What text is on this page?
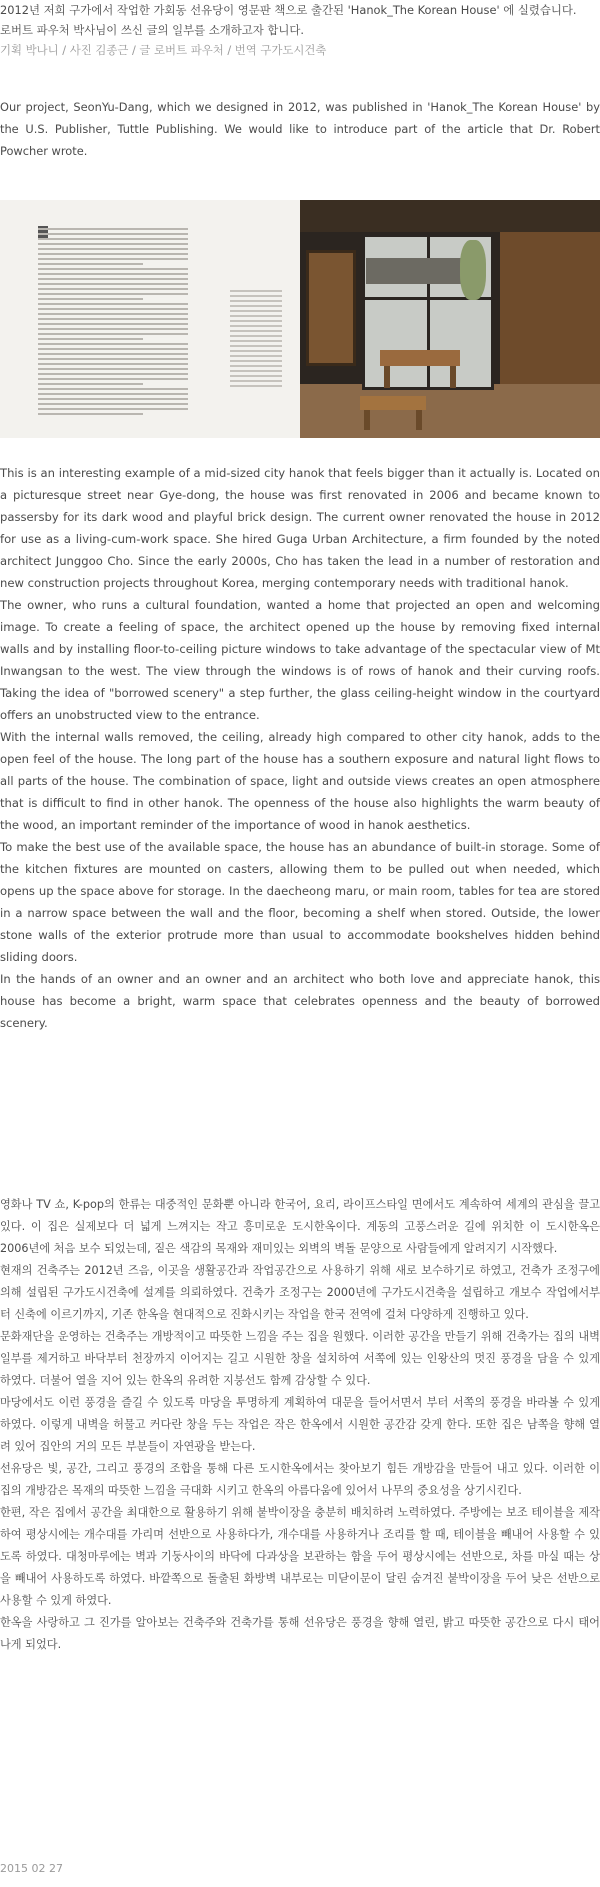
2012년 저희 구가에서 작업한 가회동 선유당이 영문판 책으로 출간된 'Hanok_The Korean House' 에 실렸습니다.
로버트 파우처 박사님이 쓰신 글의 일부를 소개하고자 합니다.
기획 박나니 / 사진 김종근 / 글 로버트 파우처 / 번역 구가도시건축
Our project, SeonYu-Dang, which we designed in 2012, was published in 'Hanok_The Korean House' by the U.S. Publisher, Tuttle Publishing. We would like to introduce part of the article that Dr. Robert Powcher wrote.

This is an interesting example of a mid-sized city hanok that feels bigger than it actually is. Located on a picturesque street near Gye-dong, the house was first renovated in 2006 and became known to passersby for its dark wood and playful brick design. The current owner renovated the house in 2012 for use as a living-cum-work space. She hired Guga Urban Architecture, a firm founded by the noted architect Junggoo Cho. Since the early 2000s, Cho has taken the lead in a number of restoration and new construction projects throughout Korea, merging contemporary needs with traditional hanok.

The owner, who runs a cultural foundation, wanted a home that projected an open and welcoming image. To create a feeling of space, the architect opened up the house by removing fixed internal walls and by installing floor-to-ceiling picture windows to take advantage of the spectacular view of Mt Inwangsan to the west. The view through the windows is of rows of hanok and their curving roofs. Taking the idea of "borrowed scenery" a step further, the glass ceiling-height window in the courtyard offers an unobstructed view to the entrance.

With the internal walls removed, the ceiling, already high compared to other city hanok, adds to the open feel of the house. The long part of the house has a southern exposure and natural light flows to all parts of the house. The combination of space, light and outside views creates an open atmosphere that is difficult to find in other hanok. The openness of the house also highlights the warm beauty of the wood, an important reminder of the importance of wood in hanok aesthetics.

To make the best use of the available space, the house has an abundance of built-in storage. Some of the kitchen fixtures are mounted on casters, allowing them to be pulled out when needed, which opens up the space above for storage. In the daecheong maru, or main room, tables for tea are stored in a narrow space between the wall and the floor, becoming a shelf when stored. Outside, the lower stone walls of the exterior protrude more than usual to accommodate bookshelves hidden behind sliding doors.

In the hands of an owner and an owner and an architect who both love and appreciate hanok, this house has become a bright, warm space that celebrates openness and the beauty of borrowed scenery.

영화나 TV 쇼, K-pop의 한류는 대중적인 문화뿐 아니라 한국어, 요리, 라이프스타일 면에서도 계속하여 세계의 관심을 끌고 있다. 이 집은 실제보다 더 넓게 느껴지는 작고 흥미로운 도시한옥이다. 계동의 고풍스러운 길에 위치한 이 도시한옥은 2006년에 처음 보수 되었는데, 짙은 색감의 목재와 재미있는 외벽의 벽돌 문양으로 사람들에게 알려지기 시작했다.

현재의 건축주는 2012년 즈음, 이곳을 생활공간과 작업공간으로 사용하기 위해 새로 보수하기로 하였고, 건축가 조정구에 의해 설립된 구가도시건축에 설계를 의뢰하였다. 건축가 조정구는 2000년에 구가도시건축을 설립하고 개보수 작업에서부터 신축에 이르기까지, 기존 한옥을 현대적으로 진화시키는 작업을 한국 전역에 걸쳐 다양하게 진행하고 있다.

문화재단을 운영하는 건축주는 개방적이고 따뜻한 느낌을 주는 집을 원했다. 이러한 공간을 만들기 위해 건축가는 집의 내벽 일부를 제거하고 바닥부터 천장까지 이어지는 길고 시원한 창을 설치하여 서쪽에 있는 인왕산의 멋진 풍경을 담을 수 있게 하였다. 더불어 열을 지어 있는 한옥의 유려한 지붕선도 함께 감상할 수 있다.

마당에서도 이런 풍경을 즐길 수 있도록 마당을 투명하게 계획하여 대문을 들어서면서 부터 서쪽의 풍경을 바라볼 수 있게 하였다. 이렇게 내벽을 허물고 커다란 창을 두는 작업은 작은 한옥에서 시원한 공간감 갖게 한다. 또한 집은 남쪽을 향해 열려 있어 집안의 거의 모든 부분들이 자연광을 받는다.

선유당은 빛, 공간, 그리고 풍경의 조합을 통해 다른 도시한옥에서는 찾아보기 힘든 개방감을 만들어 내고 있다. 이러한 이 집의 개방감은 목재의 따뜻한 느낌을 극대화 시키고 한옥의 아름다움에 있어서 나무의 중요성을 상기시킨다.

한편, 작은 집에서 공간을 최대한으로 활용하기 위해 붙박이장을 충분히 배치하려 노력하였다. 주방에는 보조 테이블을 제작하여 평상시에는 개수대를 가리며 선반으로 사용하다가, 개수대를 사용하거나 조리를 할 때, 테이블을 빼내어 사용할 수 있도록 하였다. 대청마루에는 벽과 기둥사이의 바닥에 다과상을 보관하는 함을 두어 평상시에는 선반으로, 차를 마실 때는 상을 빼내어 사용하도록 하였다. 바깥쪽으로 돌출된 화방벽 내부로는 미닫이문이 달린 숨겨진 붙박이장을 두어 낮은 선반으로 사용할 수 있게 하였다.

한옥을 사랑하고 그 진가를 알아보는 건축주와 건축가를 통해 선유당은 풍경을 향해 열린, 밝고 따뜻한 공간으로 다시 태어나게 되었다.

2015 02 27
